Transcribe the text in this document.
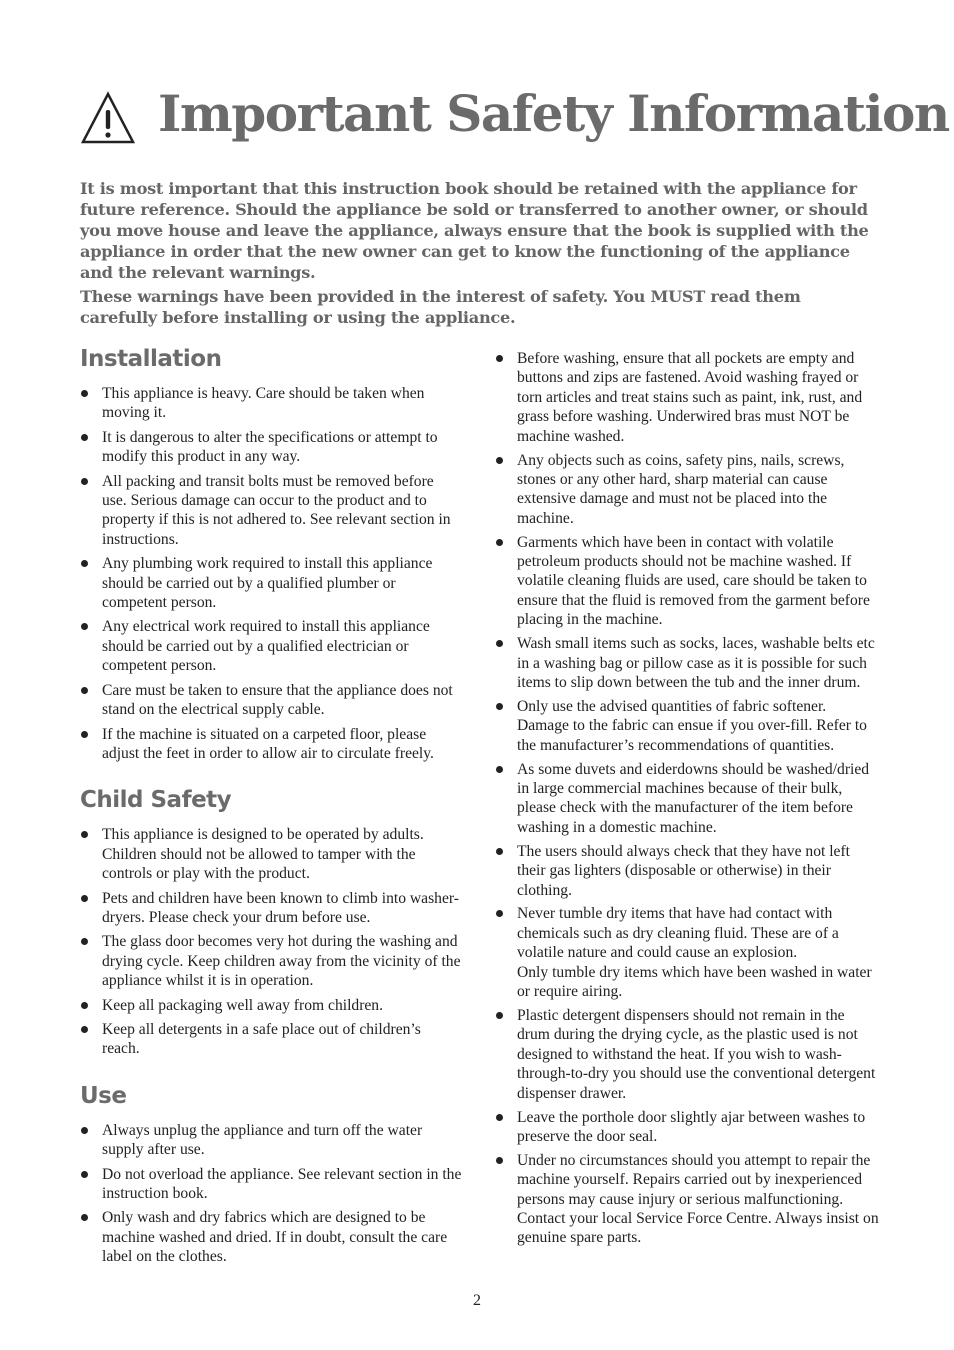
Important Safety Information

It is most important that this instruction book should be retained with the appliance for future reference. Should the appliance be sold or transferred to another owner, or should you move house and leave the appliance, always ensure that the book is supplied with the appliance in order that the new owner can get to know the functioning of the appliance and the relevant warnings.

These warnings have been provided in the interest of safety. You MUST read them carefully before installing or using the appliance.

Installation
This appliance is heavy. Care should be taken when moving it.
It is dangerous to alter the specifications or attempt to modify this product in any way.
All packing and transit bolts must be removed before use. Serious damage can occur to the product and to property if this is not adhered to. See relevant section in instructions.
Any plumbing work required to install this appliance should be carried out by a qualified plumber or competent person.
Any electrical work required to install this appliance should be carried out by a qualified electrician or competent person.
Care must be taken to ensure that the appliance does not stand on the electrical supply cable.
If the machine is situated on a carpeted floor, please adjust the feet in order to allow air to circulate freely.
Child Safety
This appliance is designed to be operated by adults. Children should not be allowed to tamper with the controls or play with the product.
Pets and children have been known to climb into washer-dryers. Please check your drum before use.
The glass door becomes very hot during the washing and drying cycle. Keep children away from the vicinity of the appliance whilst it is in operation.
Keep all packaging well away from children.
Keep all detergents in a safe place out of children’s reach.
Use
Always unplug the appliance and turn off the water supply after use.
Do not overload the appliance. See relevant section in the instruction book.
Only wash and dry fabrics which are designed to be machine washed and dried. If in doubt, consult the care label on the clothes.
Before washing, ensure that all pockets are empty and buttons and zips are fastened. Avoid washing frayed or torn articles and treat stains such as paint, ink, rust, and grass before washing. Underwired bras must NOT be machine washed.
Any objects such as coins, safety pins, nails, screws, stones or any other hard, sharp material can cause extensive damage and must not be placed into the machine.
Garments which have been in contact with volatile petroleum products should not be machine washed. If volatile cleaning fluids are used, care should be taken to ensure that the fluid is removed from the garment before placing in the machine.
Wash small items such as socks, laces, washable belts etc in a washing bag or pillow case as it is possible for such items to slip down between the tub and the inner drum.
Only use the advised quantities of fabric softener. Damage to the fabric can ensue if you over-fill. Refer to the manufacturer’s recommendations of quantities.
As some duvets and eiderdowns should be washed/dried in large commercial machines because of their bulk, please check with the manufacturer of the item before washing in a domestic machine.
The users should always check that they have not left their gas lighters (disposable or otherwise) in their clothing.
Never tumble dry items that have had contact with chemicals such as dry cleaning fluid. These are of a volatile nature and could cause an explosion.
Only tumble dry items which have been washed in water or require airing.
Plastic detergent dispensers should not remain in the drum during the drying cycle, as the plastic used is not designed to withstand the heat. If you wish to wash-through-to-dry you should use the conventional detergent dispenser drawer.
Leave the porthole door slightly ajar between washes to preserve the door seal.
Under no circumstances should you attempt to repair the machine yourself. Repairs carried out by inexperienced persons may cause injury or serious malfunctioning. Contact your local Service Force Centre. Always insist on genuine spare parts.
2
